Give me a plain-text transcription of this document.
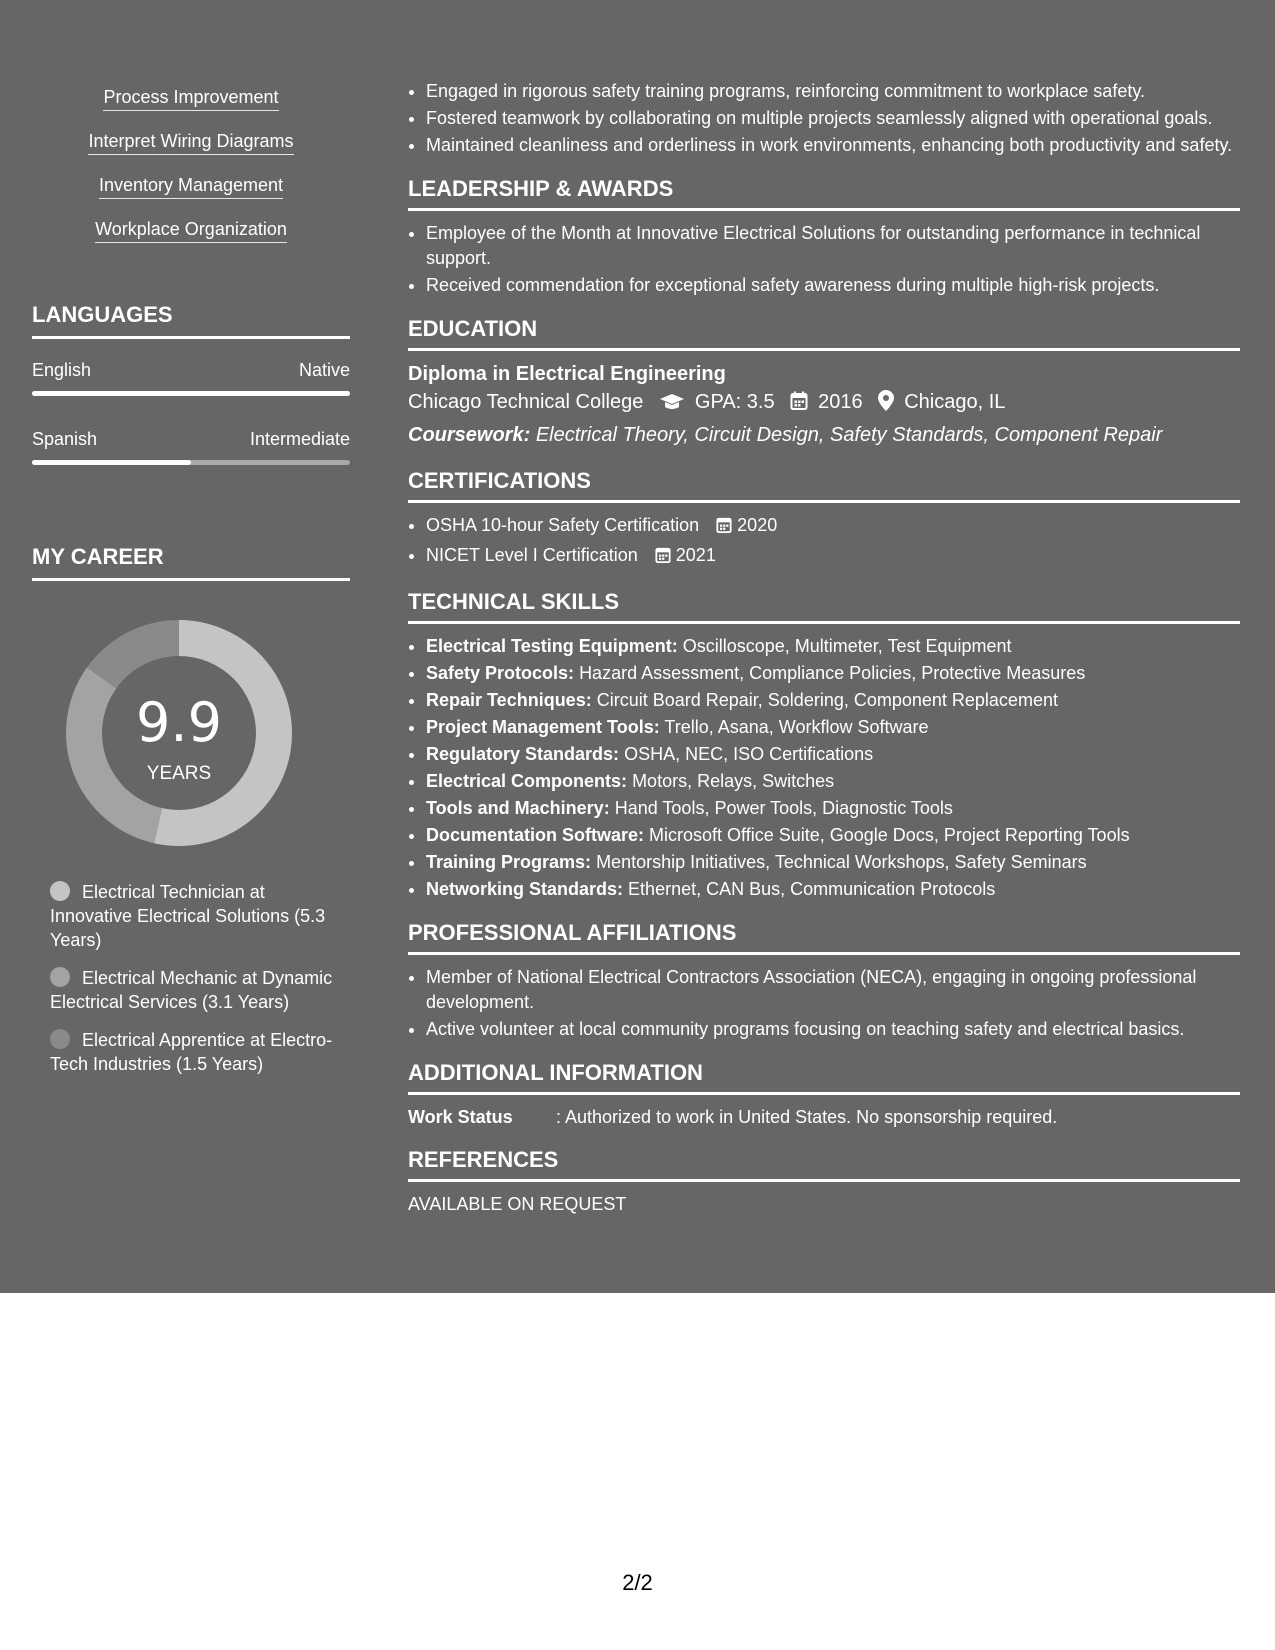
Process Improvement
Interpret Wiring Diagrams
Inventory Management
Workplace Organization
LANGUAGES
English	Native
Spanish	Intermediate
MY CAREER
9.9
YEARS
Electrical Technician at Innovative Electrical Solutions (5.3 Years)
Electrical Mechanic at Dynamic Electrical Services (3.1 Years)
Electrical Apprentice at Electro-Tech Industries (1.5 Years)
• Engaged in rigorous safety training programs, reinforcing commitment to workplace safety.
• Fostered teamwork by collaborating on multiple projects seamlessly aligned with operational goals.
• Maintained cleanliness and orderliness in work environments, enhancing both productivity and safety.
LEADERSHIP & AWARDS
• Employee of the Month at Innovative Electrical Solutions for outstanding performance in technical support.
• Received commendation for exceptional safety awareness during multiple high-risk projects.
EDUCATION
Diploma in Electrical Engineering
Chicago Technical College	GPA: 3.5 2016 Chicago, IL
Coursework: Electrical Theory, Circuit Design, Safety Standards, Component Repair
CERTIFICATIONS
• OSHA 10-hour Safety Certification 2020
• NICET Level I Certification 2021
TECHNICAL SKILLS
• Electrical Testing Equipment: Oscilloscope, Multimeter, Test Equipment
• Safety Protocols: Hazard Assessment, Compliance Policies, Protective Measures
• Repair Techniques: Circuit Board Repair, Soldering, Component Replacement
• Project Management Tools: Trello, Asana, Workflow Software
• Regulatory Standards: OSHA, NEC, ISO Certifications
• Electrical Components: Motors, Relays, Switches
• Tools and Machinery: Hand Tools, Power Tools, Diagnostic Tools
• Documentation Software: Microsoft Office Suite, Google Docs, Project Reporting Tools
• Training Programs: Mentorship Initiatives, Technical Workshops, Safety Seminars
• Networking Standards: Ethernet, CAN Bus, Communication Protocols
PROFESSIONAL AFFILIATIONS
• Member of National Electrical Contractors Association (NECA), engaging in ongoing professional development.
• Active volunteer at local community programs focusing on teaching safety and electrical basics.
ADDITIONAL INFORMATION
Work Status : Authorized to work in United States. No sponsorship required.
REFERENCES
AVAILABLE ON REQUEST
2/2
